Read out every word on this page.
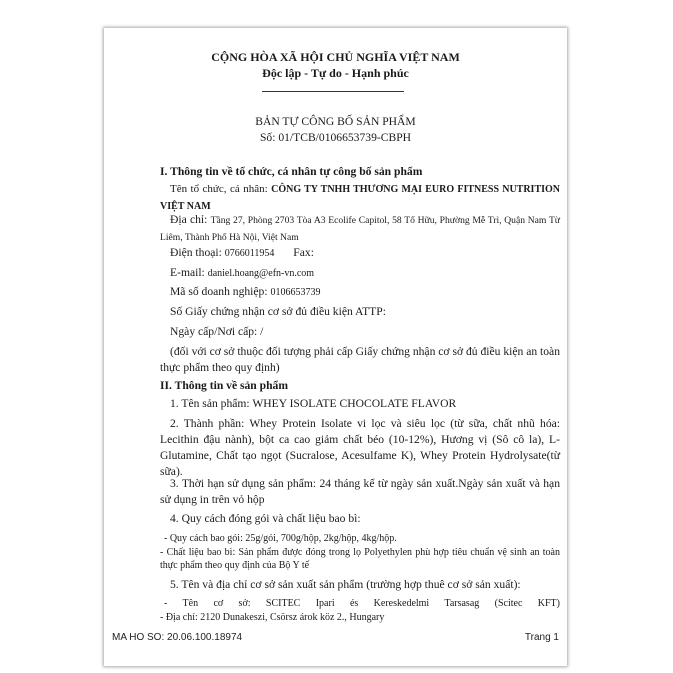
CỘNG HÒA XÃ HỘI CHỦ NGHĨA VIỆT NAM
Độc lập - Tự do - Hạnh phúc
BẢN TỰ CÔNG BỐ SẢN PHẨM
Số: 01/TCB/0106653739-CBPH
I. Thông tin về tổ chức, cá nhân tự công bố sản phẩm
Tên tổ chức, cá nhân: CÔNG TY TNHH THƯƠNG MẠI EURO FITNESS NUTRITION VIỆT NAM
Địa chỉ: Tầng 27, Phòng 2703 Tòa A3 Ecolife Capitol, 58 Tố Hữu, Phường Mễ Trì, Quận Nam Từ Liêm, Thành Phố Hà Nội, Việt Nam
Điện thoại: 0766011954 Fax:
E-mail: daniel.hoang@efn-vn.com
Mã số doanh nghiệp: 0106653739
Số Giấy chứng nhận cơ sở đủ điều kiện ATTP:
Ngày cấp/Nơi cấp: /
(đối với cơ sở thuộc đối tượng phải cấp Giấy chứng nhận cơ sở đủ điều kiện an toàn thực phẩm theo quy định)
II. Thông tin về sản phẩm
1. Tên sản phẩm: WHEY ISOLATE CHOCOLATE FLAVOR
2. Thành phần: Whey Protein Isolate vi lọc và siêu lọc (từ sữa, chất nhũ hóa: Lecithin đậu nành), bột ca cao giảm chất béo (10-12%), Hương vị (Sô cô la), L-Glutamine, Chất tạo ngọt (Sucralose, Acesulfame K), Whey Protein Hydrolysate(từ sữa).
3. Thời hạn sử dụng sản phẩm: 24 tháng kể từ ngày sản xuất.Ngày sản xuất và hạn sử dụng in trên vỏ hộp
4. Quy cách đóng gói và chất liệu bao bì:
- Quy cách bao gói: 25g/gói, 700g/hộp, 2kg/hộp, 4kg/hộp.
- Chất liệu bao bì: Sản phẩm được đóng trong lọ Polyethylen phù hợp tiêu chuẩn vệ sinh an toàn thực phẩm theo quy định của Bộ Y tế
5. Tên và địa chỉ cơ sở sản xuất sản phẩm (trường hợp thuê cơ sở sản xuất):
- Tên cơ sở: SCITEC Ipari és Kereskedelmi Tarsasag (Scitec KFT)
- Địa chỉ: 2120 Dunakeszi, Csörsz árok köz 2., Hungary
MA HO SO: 20.06.100.18974	Trang 1
